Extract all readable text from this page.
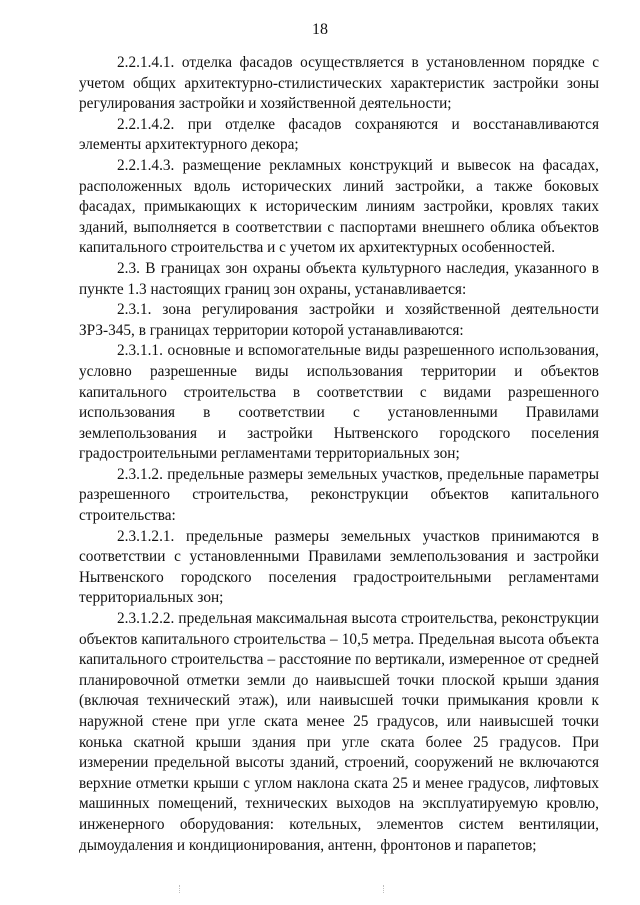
18

2.2.1.4.1. отделка фасадов осуществляется в установленном порядке с учетом общих архитектурно-стилистических характеристик застройки зоны регулирования застройки и хозяйственной деятельности;

2.2.1.4.2. при отделке фасадов сохраняются и восстанавливаются элементы архитектурного декора;

2.2.1.4.3. размещение рекламных конструкций и вывесок на фасадах, расположенных вдоль исторических линий застройки, а также боковых фасадах, примыкающих к историческим линиям застройки, кровлях таких зданий, выполняется в соответствии с паспортами внешнего облика объектов капитального строительства и с учетом их архитектурных особенностей.

2.3. В границах зон охраны объекта культурного наследия, указанного в пункте 1.3 настоящих границ зон охраны, устанавливается:

2.3.1. зона регулирования застройки и хозяйственной деятельности ЗРЗ-345, в границах территории которой устанавливаются:

2.3.1.1. основные и вспомогательные виды разрешенного использования, условно разрешенные виды использования территории и объектов капитального строительства в соответствии с видами разрешенного использования в соответствии с установленными Правилами землепользования и застройки Нытвенского городского поселения градостроительными регламентами территориальных зон;

2.3.1.2. предельные размеры земельных участков, предельные параметры разрешенного строительства, реконструкции объектов капитального строительства:

2.3.1.2.1. предельные размеры земельных участков принимаются в соответствии с установленными Правилами землепользования и застройки Нытвенского городского поселения градостроительными регламентами территориальных зон;

2.3.1.2.2. предельная максимальная высота строительства, реконструкции объектов капитального строительства – 10,5 метра. Предельная высота объекта капитального строительства – расстояние по вертикали, измеренное от средней планировочной отметки земли до наивысшей точки плоской крыши здания (включая технический этаж), или наивысшей точки примыкания кровли к наружной стене при угле ската менее 25 градусов, или наивысшей точки конька скатной крыши здания при угле ската более 25 градусов. При измерении предельной высоты зданий, строений, сооружений не включаются верхние отметки крыши с углом наклона ската 25 и менее градусов, лифтовых машинных помещений, технических выходов на эксплуатируемую кровлю, инженерного оборудования: котельных, элементов систем вентиляции, дымоудаления и кондиционирования, антенн, фронтонов и парапетов;
